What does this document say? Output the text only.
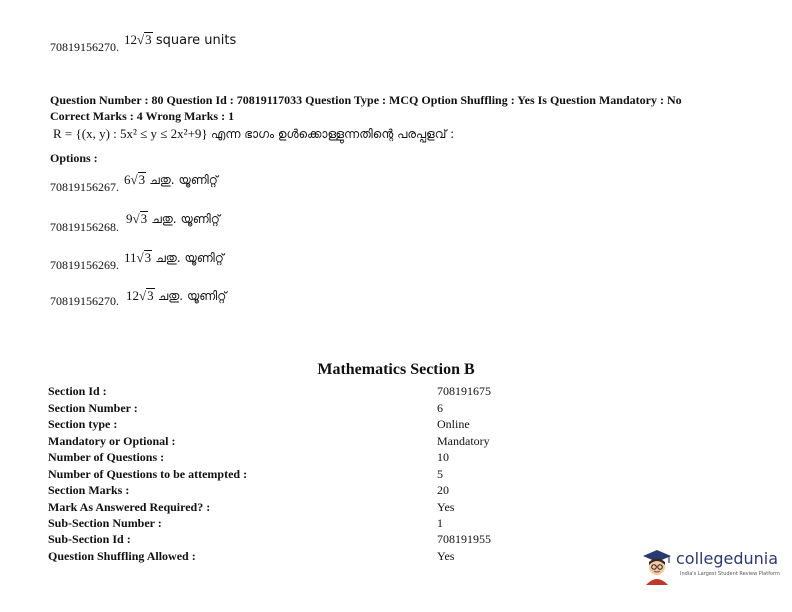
70819156270. 12√3 square units
Question Number : 80 Question Id : 70819117033 Question Type : MCQ Option Shuffling : Yes Is Question Mandatory : No
Correct Marks : 4 Wrong Marks : 1
R = {(x, y) : 5x² ≤ y ≤ 2x²+9} എന്ന ഭാഗം ഉൾക്കൊള്ളുന്നതിന്റെ പരപ്പളവ് :
Options :
70819156267. 6√3 ചതു. യൂണിറ്റ്
70819156268.
9√3 ചതു. യൂണിറ്റ്
70819156269. 11√3 ചതു. യൂണിറ്റ്
70819156270. 12√3 ചതു. യൂണിറ്റ്
Mathematics Section B
Section Id :	708191675
Section Number :	6
Section type :	Online
Mandatory or Optional :	Mandatory
Number of Questions :	10
Number of Questions to be attempted :	5
Section Marks :	20
Mark As Answered Required? :	Yes
Sub-Section Number :	1
Sub-Section Id :	708191955
Question Shuffling Allowed :	Yes	collegedunia
India's Largest Student Review Platform
